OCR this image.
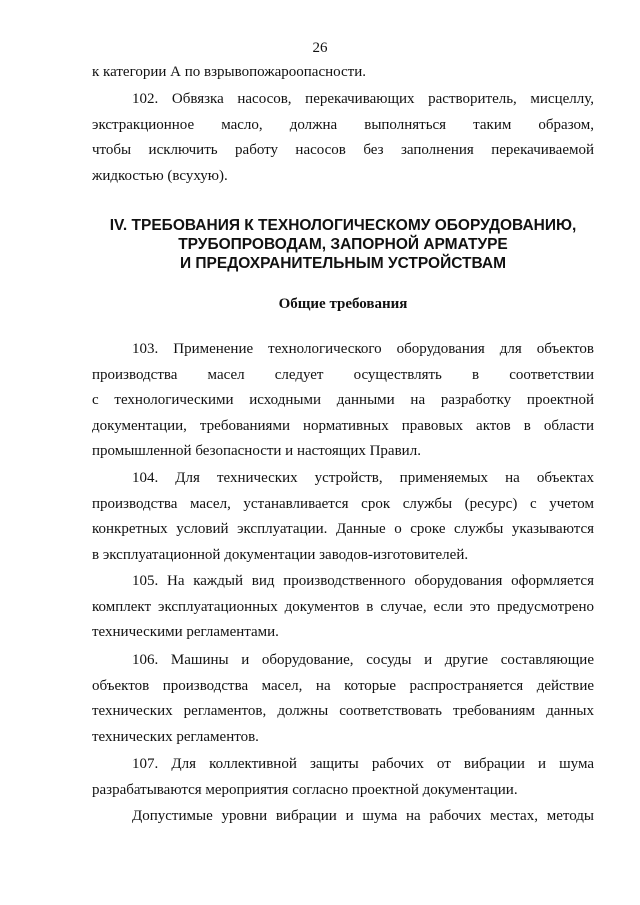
26

к категории А по взрывопожароопасности.

102. Обвязка насосов, перекачивающих растворитель, мисцеллу,
экстракционное масло, должна выполняться таким образом,
чтобы исключить работу насосов без заполнения перекачиваемой
жидкостью (всухую).

IV. ТРЕБОВАНИЯ К ТЕХНОЛОГИЧЕСКОМУ ОБОРУДОВАНИЮ,
ТРУБОПРОВОДАМ, ЗАПОРНОЙ АРМАТУРЕ
И ПРЕДОХРАНИТЕЛЬНЫМ УСТРОЙСТВАМ
Общие требования

103. Применение технологического оборудования для объектов
производства масел следует осуществлять в соответствии
с технологическими исходными данными на разработку проектной
документации, требованиями нормативных правовых актов в области
промышленной безопасности и настоящих Правил.

104. Для технических устройств, применяемых на объектах
производства масел, устанавливается срок службы (ресурс) с учетом
конкретных условий эксплуатации. Данные о сроке службы указываются
в эксплуатационной документации заводов-изготовителей.

105. На каждый вид производственного оборудования оформляется
комплект эксплуатационных документов в случае, если это предусмотрено
техническими регламентами.

106. Машины и оборудование, сосуды и другие составляющие
объектов производства масел, на которые распространяется действие
технических регламентов, должны соответствовать требованиям данных
технических регламентов.

107. Для коллективной защиты рабочих от вибрации и шума
разрабатываются мероприятия согласно проектной документации.

Допустимые уровни вибрации и шума на рабочих местах, методы
